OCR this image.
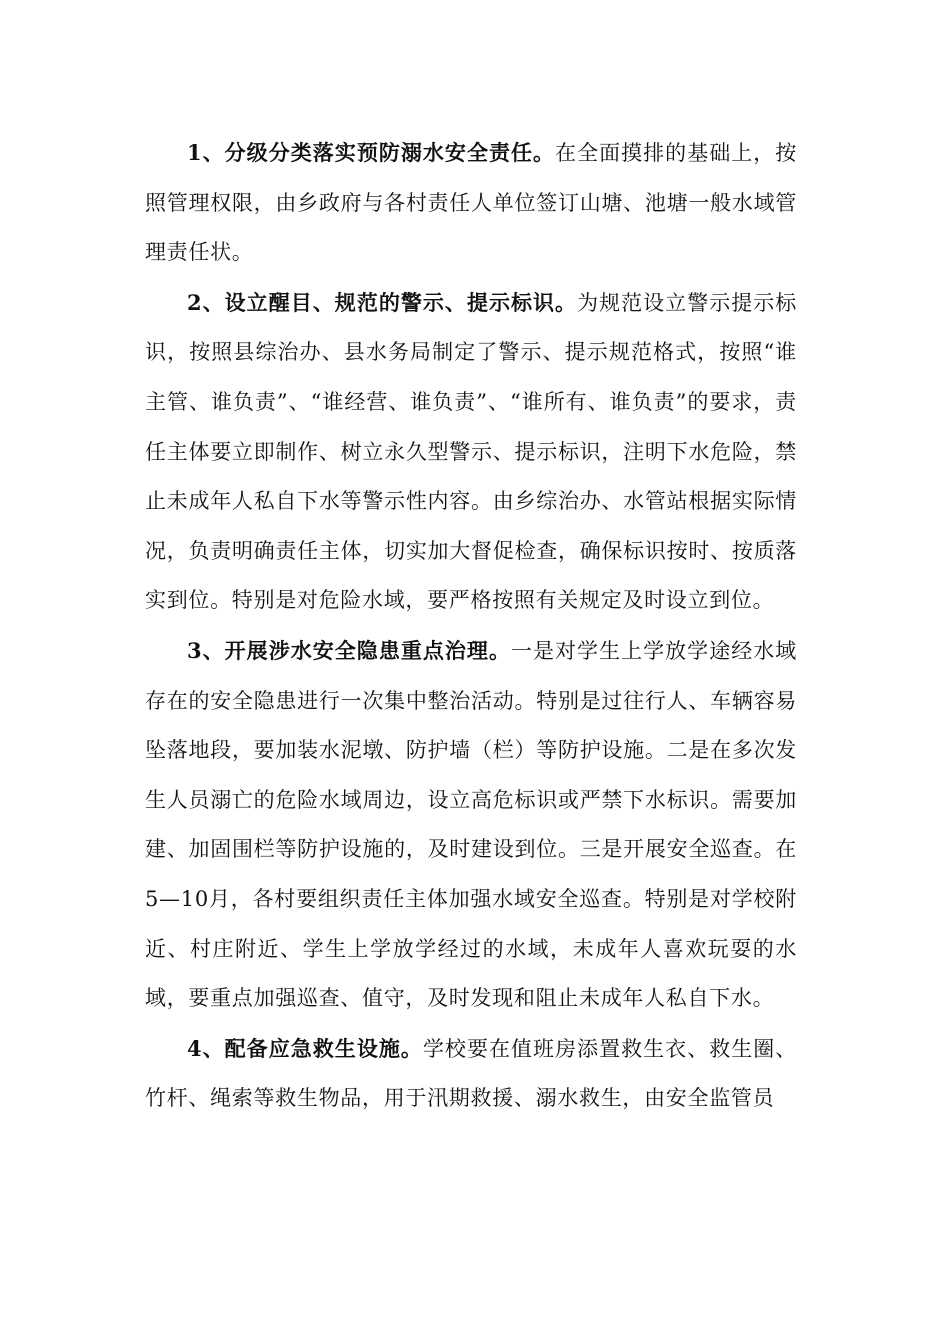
1、分级分类落实预防溺水安全责任。在全面摸排的基础上，按照管理权限，由乡政府与各村责任人单位签订山塘、池塘一般水域管理责任状。

2、设立醒目、规范的警示、提示标识。为规范设立警示提示标识，按照县综治办、县水务局制定了警示、提示规范格式，按照“谁主管、谁负责”、“谁经营、谁负责”、“谁所有、谁负责”的要求，责任主体要立即制作、树立永久型警示、提示标识，注明下水危险，禁止未成年人私自下水等警示性内容。由乡综治办、水管站根据实际情况，负责明确责任主体，切实加大督促检查，确保标识按时、按质落实到位。特别是对危险水域，要严格按照有关规定及时设立到位。

3、开展涉水安全隐患重点治理。一是对学生上学放学途经水域存在的安全隐患进行一次集中整治活动。特别是过往行人、车辆容易坠落地段，要加装水泥墩、防护墙（栏）等防护设施。二是在多次发生人员溺亡的危险水域周边，设立高危标识或严禁下水标识。需要加建、加固围栏等防护设施的，及时建设到位。三是开展安全巡查。在5—10月，各村要组织责任主体加强水域安全巡查。特别是对学校附近、村庄附近、学生上学放学经过的水域，未成年人喜欢玩耍的水域，要重点加强巡查、值守，及时发现和阻止未成年人私自下水。

4、配备应急救生设施。学校要在值班房添置救生衣、救生圈、竹杆、绳索等救生物品，用于汛期救援、溺水救生，由安全监管员
